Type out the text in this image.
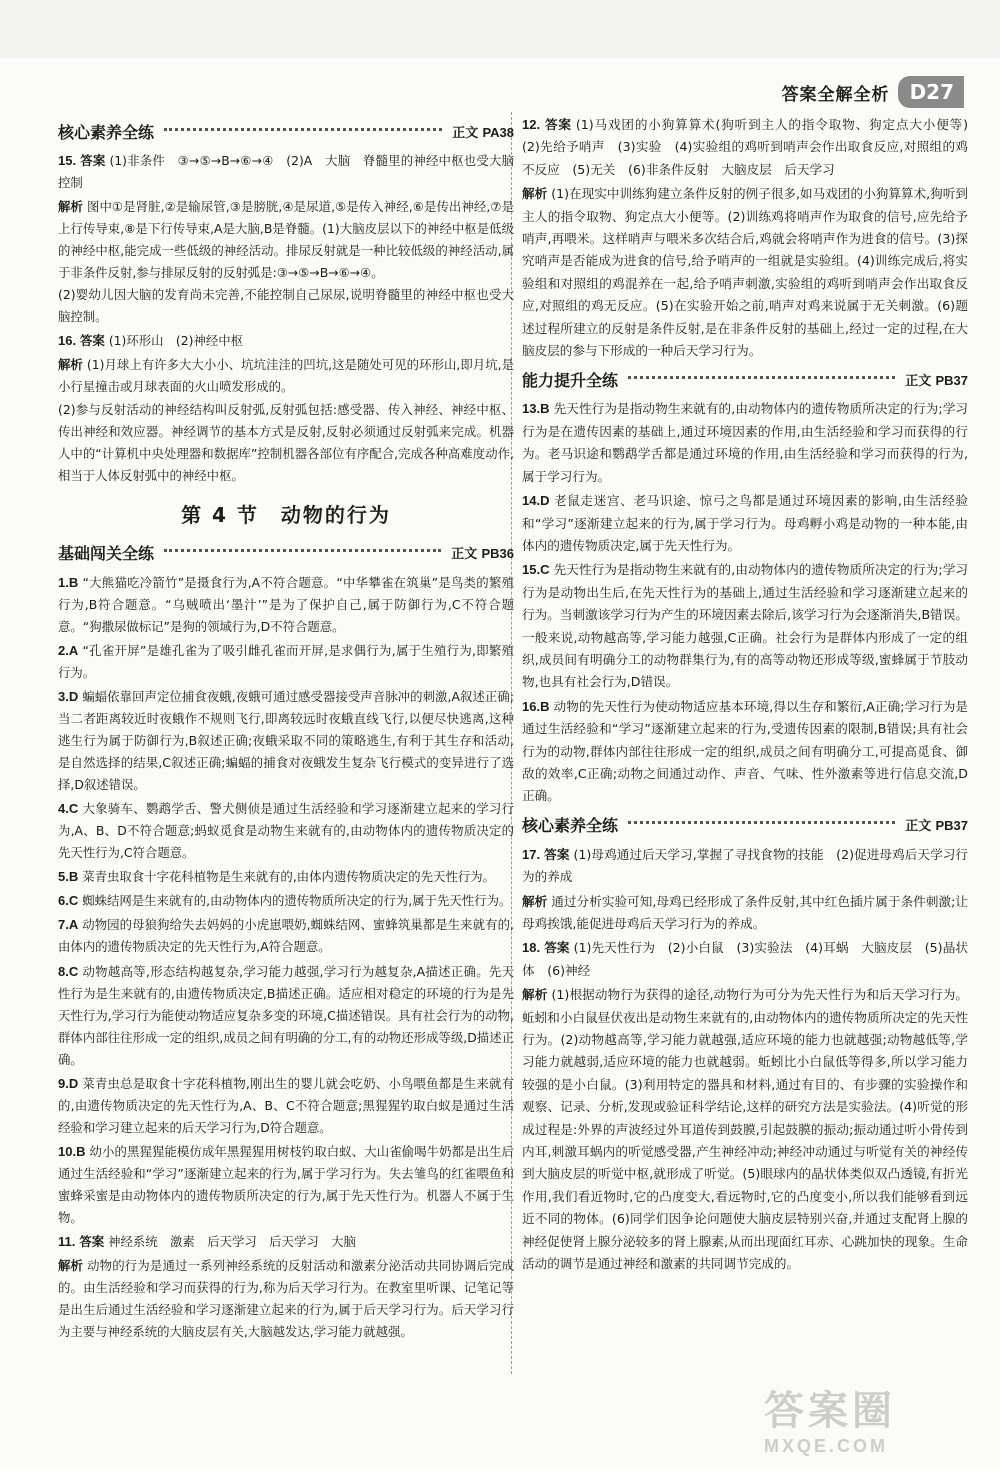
答案全解全析	D27
核心素养全练	正文 PA38

15. 答案 (1)非条件　③→⑤→B→⑥→④　(2)A　大脑　脊髓里的神经中枢也受大脑控制

解析 图中①是肾脏,②是输尿管,③是膀胱,④是尿道,⑤是传入神经,⑥是传出神经,⑦是上行传导束,⑧是下行传导束,A是大脑,B是脊髓。(1)大脑皮层以下的神经中枢是低级的神经中枢,能完成一些低级的神经活动。排尿反射就是一种比较低级的神经活动,属于非条件反射,参与排尿反射的反射弧是:③→⑤→B→⑥→④。

(2)婴幼儿因大脑的发育尚未完善,不能控制自己尿尿,说明脊髓里的神经中枢也受大脑控制。

16. 答案 (1)环形山　(2)神经中枢

解析 (1)月球上有许多大大小小、坑坑洼洼的凹坑,这是随处可见的环形山,即月坑,是小行星撞击或月球表面的火山喷发形成的。

(2)参与反射活动的神经结构叫反射弧,反射弧包括:感受器、传入神经、神经中枢、传出神经和效应器。神经调节的基本方式是反射,反射必须通过反射弧来完成。机器人中的“计算机中央处理器和数据库”控制机器各部位有序配合,完成各种高难度动作,相当于人体反射弧中的神经中枢。

第 4 节　动物的行为
基础闯关全练	正文 PB36

1.B “大熊猫吃冷箭竹”是摄食行为,A不符合题意。“中华攀雀在筑巢”是鸟类的繁殖行为,B符合题意。“乌贼喷出‘墨汁’”是为了保护自己,属于防御行为,C不符合题意。“狗撒尿做标记”是狗的领域行为,D不符合题意。

2.A “孔雀开屏”是雄孔雀为了吸引雌孔雀而开屏,是求偶行为,属于生殖行为,即繁殖行为。

3.D 蝙蝠依靠回声定位捕食夜蛾,夜蛾可通过感受器接受声音脉冲的刺激,A叙述正确;当二者距离较近时夜蛾作不规则飞行,即离较远时夜蛾直线飞行,以便尽快逃离,这种逃生行为属于防御行为,B叙述正确;夜蛾采取不同的策略逃生,有利于其生存和活动,是自然选择的结果,C叙述正确;蝙蝠的捕食对夜蛾发生复杂飞行模式的变异进行了选择,D叙述错误。

4.C 大象骑车、鹦鹉学舌、警犬侧侦是通过生活经验和学习逐渐建立起来的学习行为,A、B、D不符合题意;蚂蚁觅食是动物生来就有的,由动物体内的遗传物质决定的先天性行为,C符合题意。

5.B 菜青虫取食十字花科植物是生来就有的,由体内遗传物质决定的先天性行为。

6.C 蜘蛛结网是生来就有的,由动物体内的遗传物质所决定的行为,属于先天性行为。

7.A 动物园的母狼狗给失去妈妈的小虎崽喂奶,蜘蛛结网、蜜蜂筑巢都是生来就有的,由体内的遗传物质决定的先天性行为,A符合题意。

8.C 动物越高等,形态结构越复杂,学习能力越强,学习行为越复杂,A描述正确。先天性行为是生来就有的,由遗传物质决定,B描述正确。适应相对稳定的环境的行为是先天性行为,学习行为能使动物适应复杂多变的环境,C描述错误。具有社会行为的动物,群体内部往往形成一定的组织,成员之间有明确的分工,有的动物还形成等级,D描述正确。

9.D 菜青虫总是取食十字花科植物,刚出生的婴儿就会吃奶、小鸟喂鱼都是生来就有的,由遗传物质决定的先天性行为,A、B、C不符合题意;黑猩猩钓取白蚁是通过生活经验和学习建立起来的后天学习行为,D符合题意。

10.B 幼小的黑猩猩能模仿成年黑猩猩用树枝钓取白蚁、大山雀偷喝牛奶都是出生后通过生活经验和“学习”逐渐建立起来的行为,属于学习行为。失去雏鸟的红雀喂鱼和蜜蜂采蜜是由动物体内的遗传物质所决定的行为,属于先天性行为。机器人不属于生物。

11. 答案 神经系统　激素　后天学习　后天学习　大脑

解析 动物的行为是通过一系列神经系统的反射活动和激素分泌活动共同协调后完成的。由生活经验和学习而获得的行为,称为后天学习行为。在教室里听课、记笔记等是出生后通过生活经验和学习逐渐建立起来的行为,属于后天学习行为。后天学习行为主要与神经系统的大脑皮层有关,大脑越发达,学习能力就越强。

12. 答案 (1)马戏团的小狗算算术(狗听到主人的指令取物、狗定点大小便等)　(2)先给予哨声　(3)实验　(4)实验组的鸡听到哨声会作出取食反应,对照组的鸡不反应　(5)无关　(6)非条件反射　大脑皮层　后天学习

解析 (1)在现实中训练狗建立条件反射的例子很多,如马戏团的小狗算算术,狗听到主人的指令取物、狗定点大小便等。(2)训练鸡将哨声作为取食的信号,应先给予哨声,再喂米。这样哨声与喂米多次结合后,鸡就会将哨声作为进食的信号。(3)探究哨声是否能成为进食的信号,给予哨声的一组就是实验组。(4)训练完成后,将实验组和对照组的鸡混养在一起,给予哨声刺激,实验组的鸡听到哨声会作出取食反应,对照组的鸡无反应。(5)在实验开始之前,哨声对鸡来说属于无关刺激。(6)题述过程所建立的反射是条件反射,是在非条件反射的基础上,经过一定的过程,在大脑皮层的参与下形成的一种后天学习行为。

能力提升全练	正文 PB37

13.B 先天性行为是指动物生来就有的,由动物体内的遗传物质所决定的行为;学习行为是在遗传因素的基础上,通过环境因素的作用,由生活经验和学习而获得的行为。老马识途和鹦鹉学舌都是通过环境的作用,由生活经验和学习而获得的行为,属于学习行为。

14.D 老鼠走迷宫、老马识途、惊弓之鸟都是通过环境因素的影响,由生活经验和“学习”逐渐建立起来的行为,属于学习行为。母鸡孵小鸡是动物的一种本能,由体内的遗传物质决定,属于先天性行为。

15.C 先天性行为是指动物生来就有的,由动物体内的遗传物质所决定的行为;学习行为是动物出生后,在先天性行为的基础上,通过生活经验和学习逐渐建立起来的行为。当刺激该学习行为产生的环境因素去除后,该学习行为会逐渐消失,B错误。一般来说,动物越高等,学习能力越强,C正确。社会行为是群体内形成了一定的组织,成员间有明确分工的动物群集行为,有的高等动物还形成等级,蜜蜂属于节肢动物,也具有社会行为,D错误。

16.B 动物的先天性行为使动物适应基本环境,得以生存和繁衍,A正确;学习行为是通过生活经验和“学习”逐渐建立起来的行为,受遗传因素的限制,B错误;具有社会行为的动物,群体内部往往形成一定的组织,成员之间有明确分工,可提高觅食、御敌的效率,C正确;动物之间通过动作、声音、气味、性外激素等进行信息交流,D正确。

核心素养全练	正文 PB37

17. 答案 (1)母鸡通过后天学习,掌握了寻找食物的技能　(2)促进母鸡后天学习行为的养成

解析 通过分析实验可知,母鸡已经形成了条件反射,其中红色插片属于条件刺激;让母鸡挨饿,能促进母鸡后天学习行为的养成。

18. 答案 (1)先天性行为　(2)小白鼠　(3)实验法　(4)耳蜗　大脑皮层　(5)晶状体　(6)神经

解析 (1)根据动物行为获得的途径,动物行为可分为先天性行为和后天学习行为。蚯蚓和小白鼠昼伏夜出是动物生来就有的,由动物体内的遗传物质所决定的先天性行为。(2)动物越高等,学习能力就越强,适应环境的能力也就越强;动物越低等,学习能力就越弱,适应环境的能力也就越弱。蚯蚓比小白鼠低等得多,所以学习能力较强的是小白鼠。(3)利用特定的器具和材料,通过有目的、有步骤的实验操作和观察、记录、分析,发现或验证科学结论,这样的研究方法是实验法。(4)听觉的形成过程是:外界的声波经过外耳道传到鼓膜,引起鼓膜的振动;振动通过听小骨传到内耳,刺激耳蜗内的听觉感受器,产生神经冲动;神经冲动通过与听觉有关的神经传到大脑皮层的听觉中枢,就形成了听觉。(5)眼球内的晶状体类似双凸透镜,有折光作用,我们看近物时,它的凸度变大,看远物时,它的凸度变小,所以我们能够看到远近不同的物体。(6)同学们因争论问题使大脑皮层特别兴奋,并通过支配肾上腺的神经促使肾上腺分泌较多的肾上腺素,从而出现面红耳赤、心跳加快的现象。生命活动的调节是通过神经和激素的共同调节完成的。

答案圈
MXQE.COM
